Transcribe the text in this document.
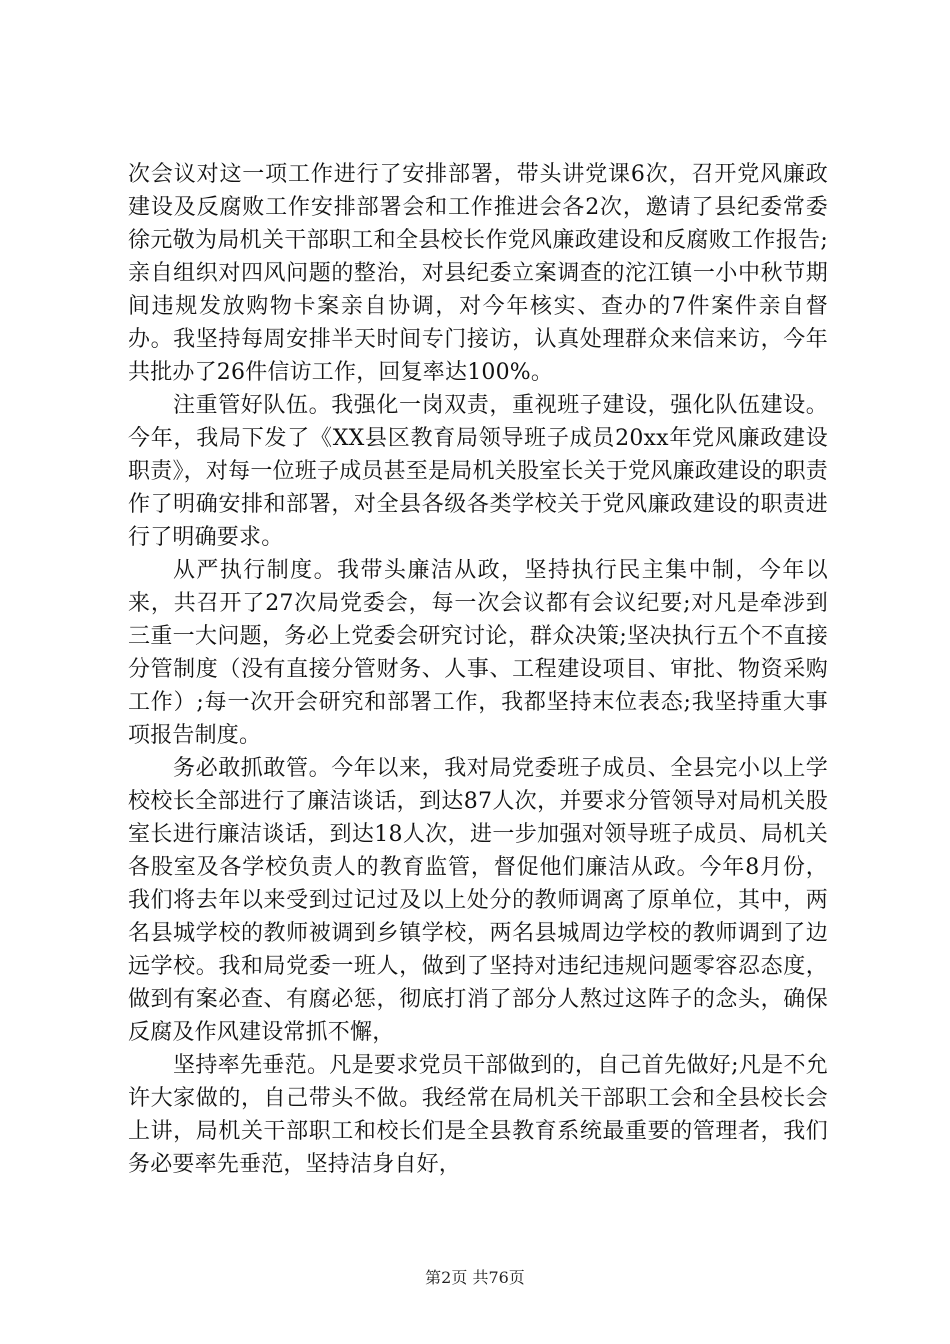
次会议对这一项工作进行了安排部署，带头讲党课6次，召开党风廉政建设及反腐败工作安排部署会和工作推进会各2次，邀请了县纪委常委徐元敬为局机关干部职工和全县校长作党风廉政建设和反腐败工作报告;亲自组织对四风问题的整治，对县纪委立案调查的沱江镇一小中秋节期间违规发放购物卡案亲自协调，对今年核实、查办的7件案件亲自督办。我坚持每周安排半天时间专门接访，认真处理群众来信来访，今年共批办了26件信访工作，回复率达100%。

注重管好队伍。我强化一岗双责，重视班子建设，强化队伍建设。今年，我局下发了《XX县区教育局领导班子成员20xx年党风廉政建设职责》，对每一位班子成员甚至是局机关股室长关于党风廉政建设的职责作了明确安排和部署，对全县各级各类学校关于党风廉政建设的职责进行了明确要求。

从严执行制度。我带头廉洁从政，坚持执行民主集中制，今年以来，共召开了27次局党委会，每一次会议都有会议纪要;对凡是牵涉到三重一大问题，务必上党委会研究讨论，群众决策;坚决执行五个不直接分管制度（没有直接分管财务、人事、工程建设项目、审批、物资采购工作）;每一次开会研究和部署工作，我都坚持末位表态;我坚持重大事项报告制度。

务必敢抓敢管。今年以来，我对局党委班子成员、全县完小以上学校校长全部进行了廉洁谈话，到达87人次，并要求分管领导对局机关股室长进行廉洁谈话，到达18人次，进一步加强对领导班子成员、局机关各股室及各学校负责人的教育监管，督促他们廉洁从政。今年8月份，我们将去年以来受到过记过及以上处分的教师调离了原单位，其中，两名县城学校的教师被调到乡镇学校，两名县城周边学校的教师调到了边远学校。我和局党委一班人，做到了坚持对违纪违规问题零容忍态度，做到有案必查、有腐必惩，彻底打消了部分人熬过这阵子的念头，确保反腐及作风建设常抓不懈，

坚持率先垂范。凡是要求党员干部做到的，自己首先做好;凡是不允许大家做的，自己带头不做。我经常在局机关干部职工会和全县校长会上讲，局机关干部职工和校长们是全县教育系统最重要的管理者，我们务必要率先垂范，坚持洁身自好，

第2页 共76页
